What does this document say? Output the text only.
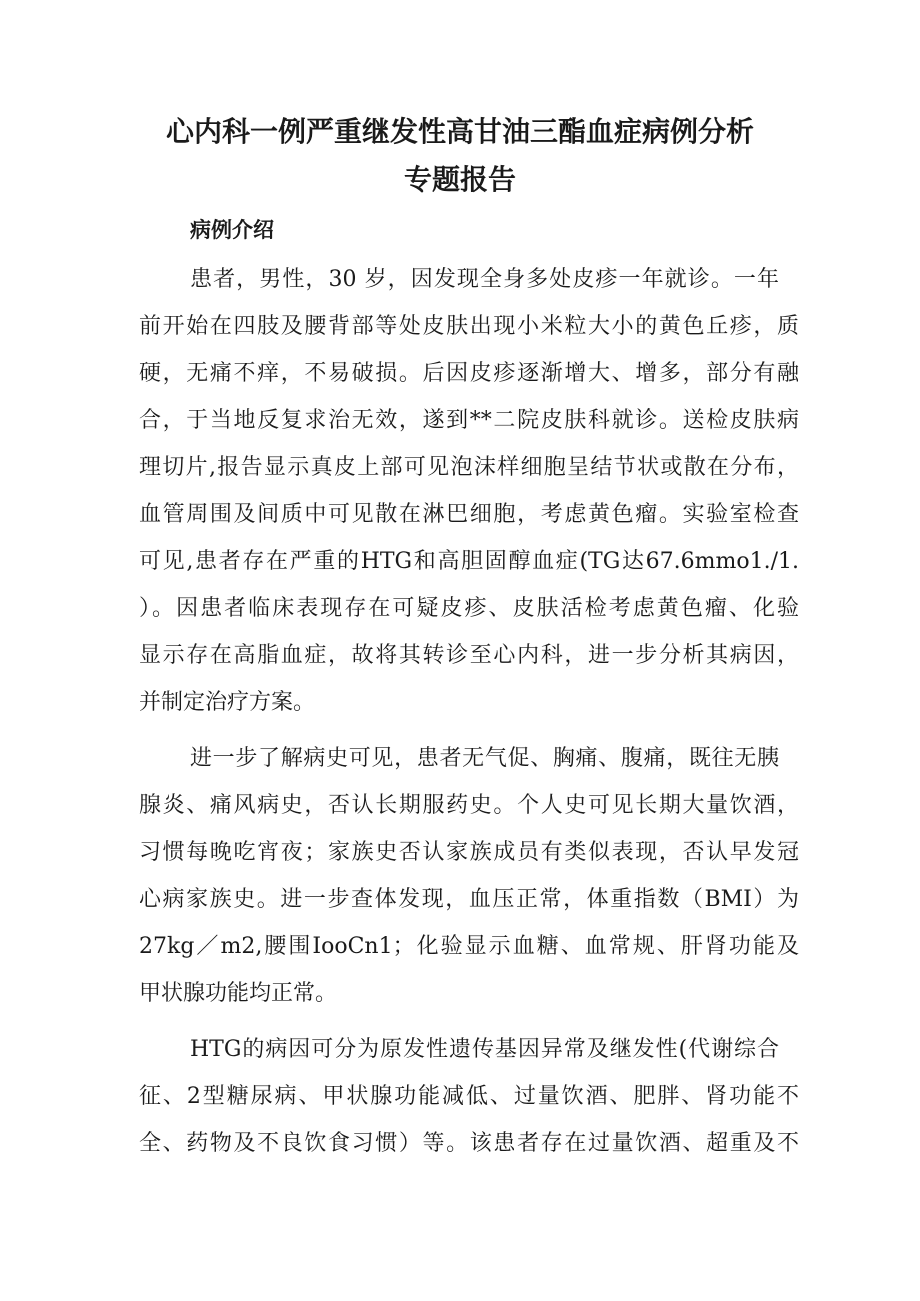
心内科一例严重继发性高甘油三酯血症病例分析
专题报告
病例介绍

患者，男性，30 岁，因发现全身多处皮疹一年就诊。一年

前开始在四肢及腰背部等处皮肤出现小米粒大小的黄色丘疹，质

硬，无痛不痒，不易破损。后因皮疹逐渐增大、增多，部分有融

合，于当地反复求治无效，遂到**二院皮肤科就诊。送检皮肤病

理切片,报告显示真皮上部可见泡沫样细胞呈结节状或散在分布，

血管周围及间质中可见散在淋巴细胞，考虑黄色瘤。实验室检查

可见,患者存在严重的HTG和高胆固醇血症(TG达67.6mmo1./1.

）。因患者临床表现存在可疑皮疹、皮肤活检考虑黄色瘤、化验

显示存在高脂血症，故将其转诊至心内科，进一步分析其病因，

并制定治疗方案。

进一步了解病史可见，患者无气促、胸痛、腹痛，既往无胰

腺炎、痛风病史，否认长期服药史。个人史可见长期大量饮酒，

习惯每晚吃宵夜；家族史否认家族成员有类似表现，否认早发冠

心病家族史。进一步查体发现，血压正常，体重指数（BMI）为

27kg／m2,腰围IooCn1；化验显示血糖、血常规、肝肾功能及

甲状腺功能均正常。

HTG的病因可分为原发性遗传基因异常及继发性(代谢综合

征、2型糖尿病、甲状腺功能减低、过量饮酒、肥胖、肾功能不

全、药物及不良饮食习惯）等。该患者存在过量饮酒、超重及不
